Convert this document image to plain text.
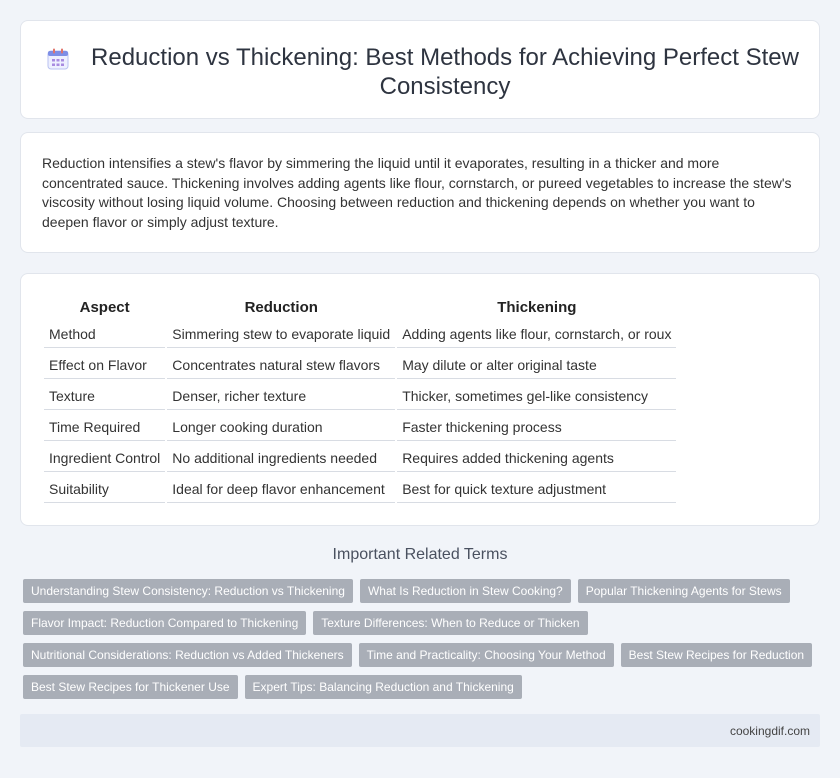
Reduction vs Thickening: Best Methods for Achieving Perfect Stew Consistency

Reduction intensifies a stew's flavor by simmering the liquid until it evaporates, resulting in a thicker and more concentrated sauce. Thickening involves adding agents like flour, cornstarch, or pureed vegetables to increase the stew's viscosity without losing liquid volume. Choosing between reduction and thickening depends on whether you want to deepen flavor or simply adjust texture.

Aspect	Reduction	Thickening
Method	Simmering stew to evaporate liquid	Adding agents like flour, cornstarch, or roux
Effect on Flavor	Concentrates natural stew flavors	May dilute or alter original taste
Texture	Denser, richer texture	Thicker, sometimes gel-like consistency
Time Required	Longer cooking duration	Faster thickening process
Ingredient Control	No additional ingredients needed	Requires added thickening agents
Suitability	Ideal for deep flavor enhancement	Best for quick texture adjustment
Important Related Terms
Understanding Stew Consistency: Reduction vs Thickening	What Is Reduction in Stew Cooking?	Popular Thickening Agents for Stews
Flavor Impact: Reduction Compared to Thickening	Texture Differences: When to Reduce or Thicken
Nutritional Considerations: Reduction vs Added Thickeners	Time and Practicality: Choosing Your Method	Best Stew Recipes for Reduction
Best Stew Recipes for Thickener Use	Expert Tips: Balancing Reduction and Thickening
cookingdif.com
